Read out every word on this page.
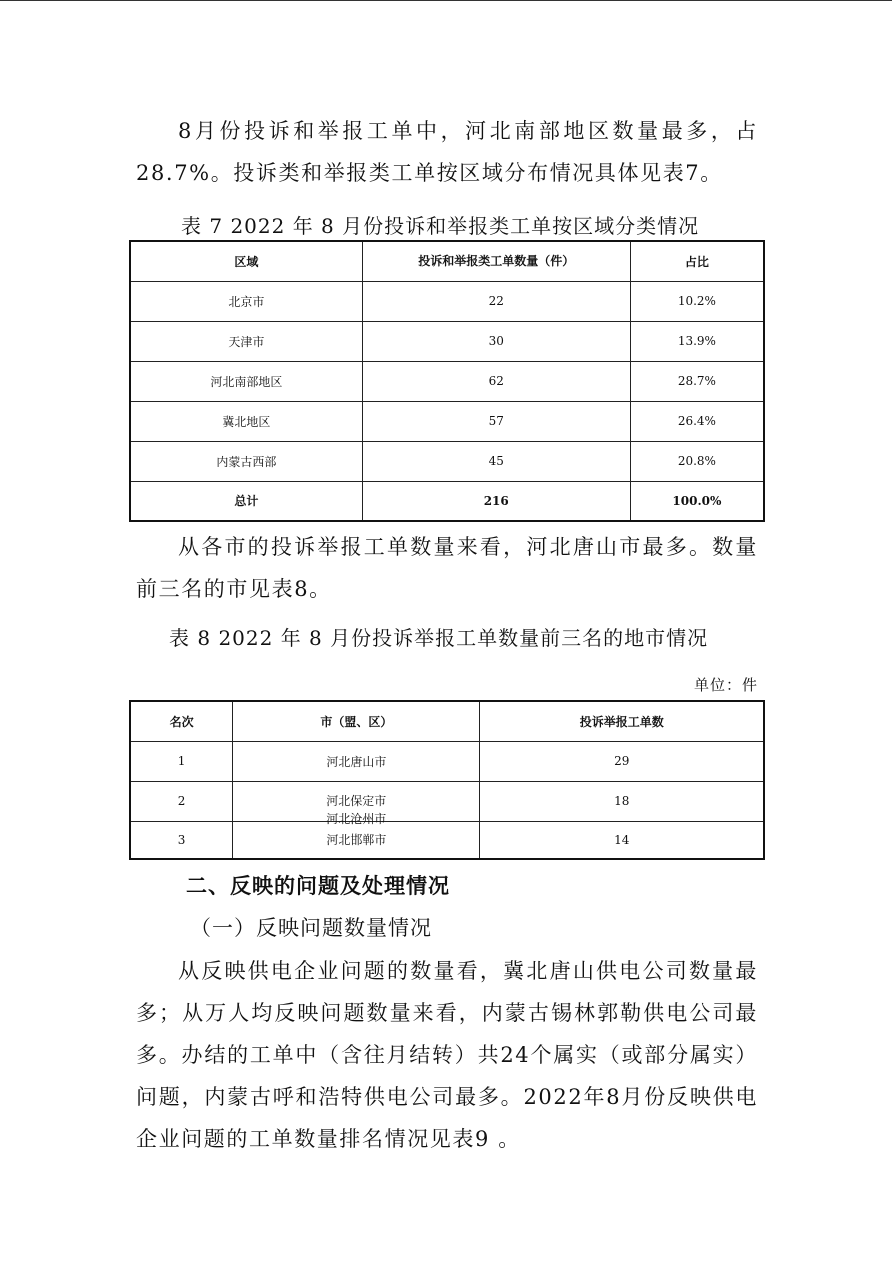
8月份投诉和举报工单中，河北南部地区数量最多，占28.7%。投诉类和举报类工单按区域分布情况具体见表7。

表 7 2022 年 8 月份投诉和举报类工单按区域分类情况
区域	投诉和举报类工单数量（件）	占比
北京市	22	10.2%
天津市	30	13.9%
河北南部地区	62	28.7%
冀北地区	57	26.4%
内蒙古西部	45	20.8%
总计	216	100.0%

从各市的投诉举报工单数量来看，河北唐山市最多。数量前三名的市见表8。

表 8 2022 年 8 月份投诉举报工单数量前三名的地市情况
单位：件
名次	市（盟、区）	投诉举报工单数
1	河北唐山市	29
2	河北保定市 河北沧州市	18
3	河北邯郸市	14
二、反映的问题及处理情况
（一）反映问题数量情况

从反映供电企业问题的数量看，冀北唐山供电公司数量最多；从万人均反映问题数量来看，内蒙古锡林郭勒供电公司最多。办结的工单中（含往月结转）共24个属实（或部分属实）问题，内蒙古呼和浩特供电公司最多。2022年8月份反映供电企业问题的工单数量排名情况见表9 。
